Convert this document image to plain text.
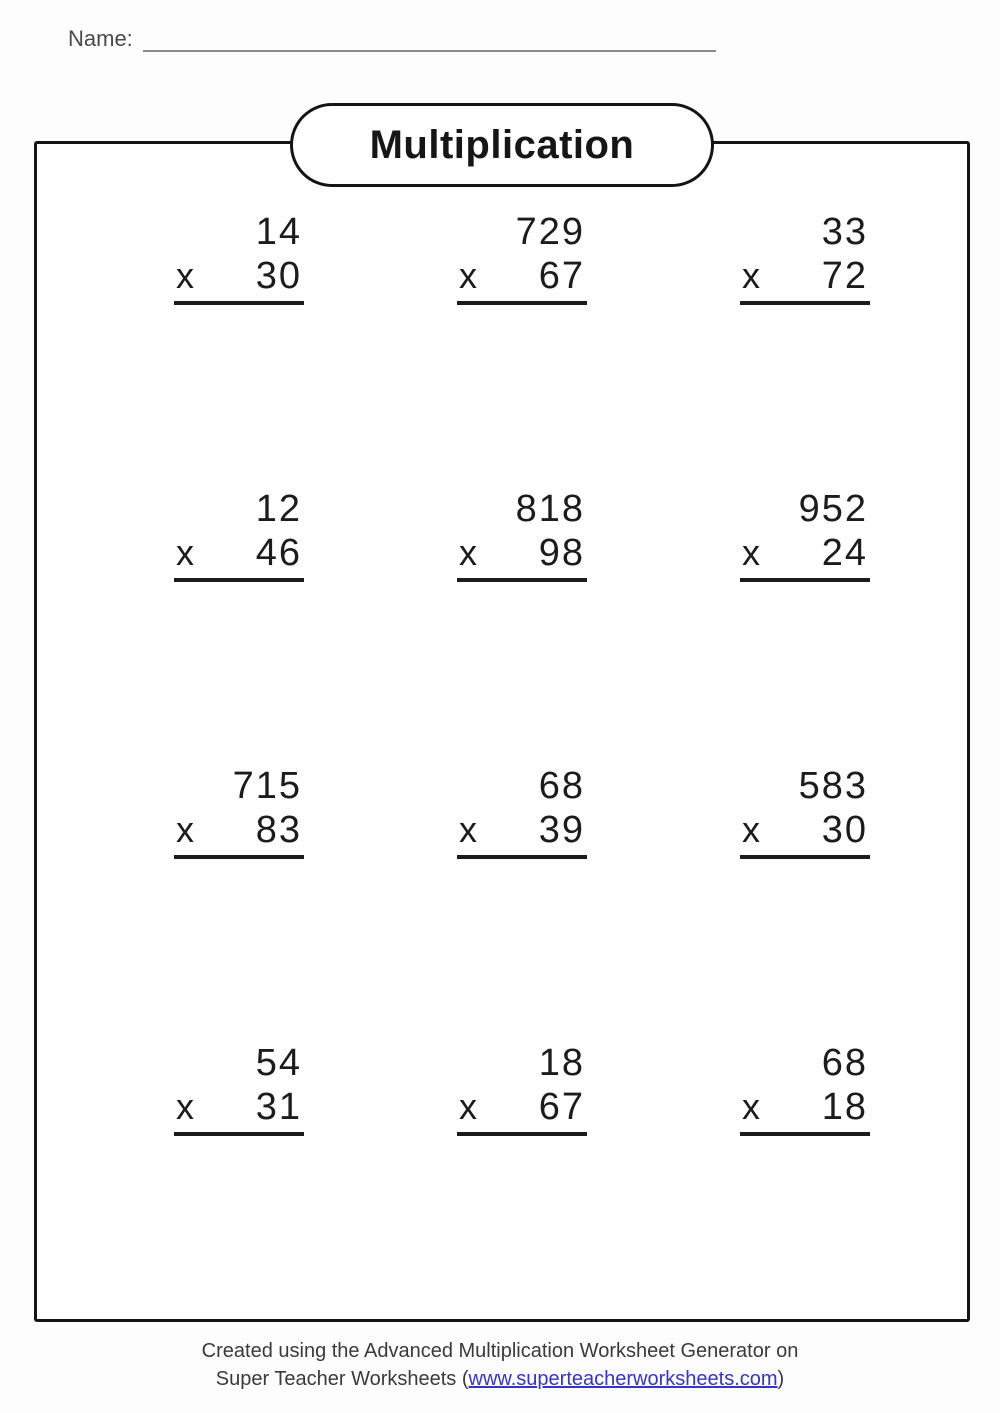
Name:
Multiplication
14
x 30
729
x 67
33
x 72
12
x 46
818
x 98
952
x 24
715
x 83
68
x 39
583
x 30
54
x 31
18
x 67
68
x 18
Created using the Advanced Multiplication Worksheet Generator on
Super Teacher Worksheets (www.superteacherworksheets.com)
